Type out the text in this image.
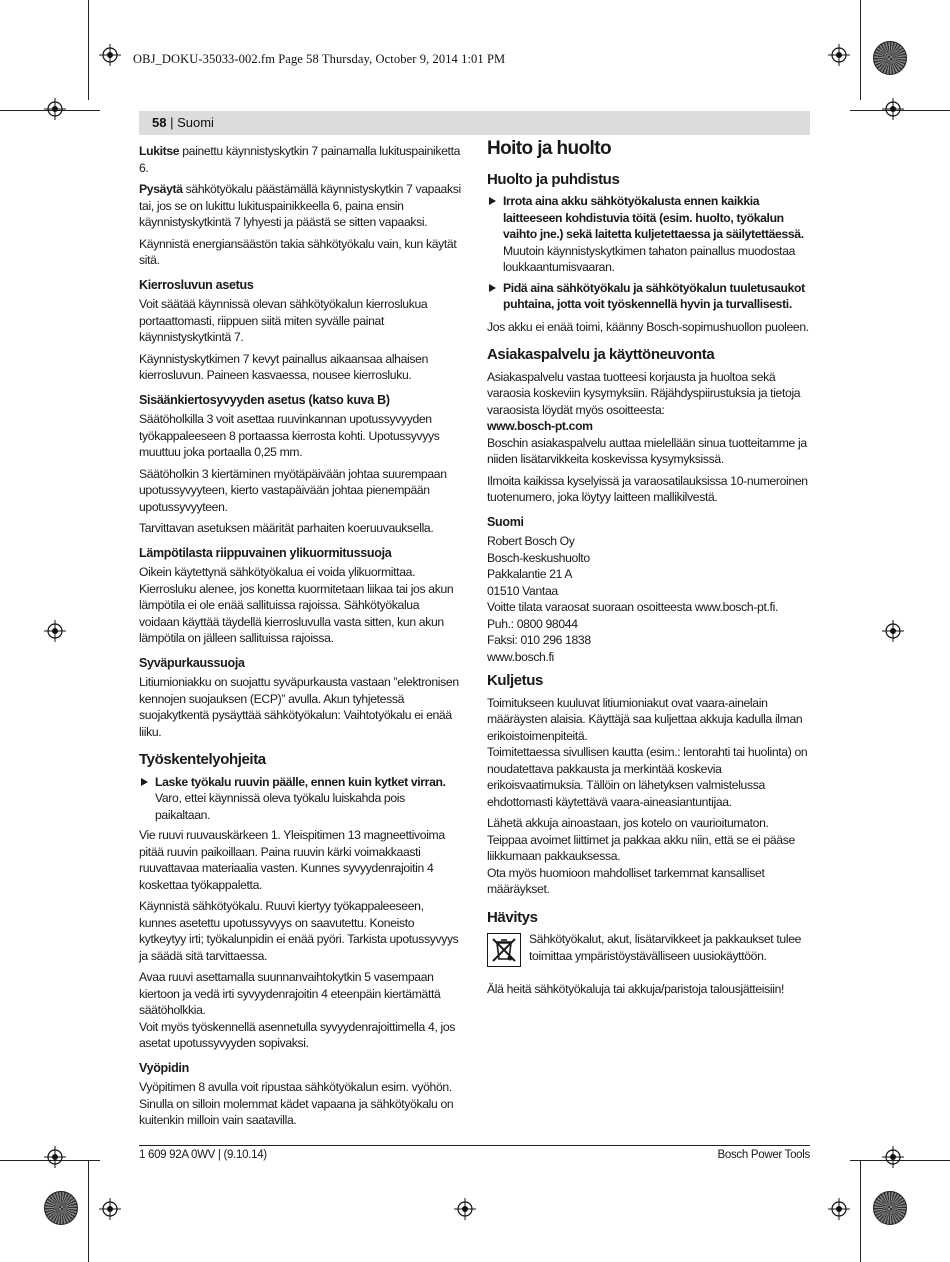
OBJ_DOKU-35033-002.fm Page 58 Thursday, October 9, 2014 1:01 PM
58 | Suomi

Lukitse painettu käynnistyskytkin 7 painamalla lukituspainiketta 6.

Pysäytä sähkötyökalu päästämällä käynnistyskytkin 7 vapaaksi tai, jos se on lukittu lukituspainikkeella 6, paina ensin käynnistyskytkintä 7 lyhyesti ja päästä se sitten vapaaksi.

Käynnistä energiansäästön takia sähkötyökalu vain, kun käytät sitä.

Kierrosluvun asetus

Voit säätää käynnissä olevan sähkötyökalun kierroslukua portaattomasti, riippuen siitä miten syvälle painat käynnistyskytkintä 7.

Käynnistyskytkimen 7 kevyt painallus aikaansaa alhaisen kierrosluvun. Paineen kasvaessa, nousee kierrosluku.

Sisäänkiertosyvyyden asetus (katso kuva B)

Säätöholkilla 3 voit asettaa ruuvinkannan upotussyvyyden työkappaleeseen 8 portaassa kierrosta kohti. Upotussyvyys muuttuu joka portaalla 0,25 mm.

Säätöholkin 3 kiertäminen myötäpäivään johtaa suurempaan upotussyvyyteen, kierto vastapäivään johtaa pienempään upotussyvyyteen.

Tarvittavan asetuksen määrität parhaiten koeruuvauksella.

Lämpötilasta riippuvainen ylikuormitussuoja

Oikein käytettynä sähkötyökalua ei voida ylikuormittaa. Kierrosluku alenee, jos konetta kuormitetaan liikaa tai jos akun lämpötila ei ole enää sallituissa rajoissa. Sähkötyökalua voidaan käyttää täydellä kierrosluvulla vasta sitten, kun akun lämpötila on jälleen sallituissa rajoissa.

Syväpurkaussuoja

Litiumioniakku on suojattu syväpurkausta vastaan ”elektronisen kennojen suojauksen (ECP)” avulla. Akun tyhjetessä suojakytkentä pysäyttää sähkötyökalun: Vaihtotyökalu ei enää liiku.

Työskentelyohjeita
Laske työkalu ruuvin päälle, ennen kuin kytket virran. Varo, ettei käynnissä oleva työkalu luiskahda pois paikaltaan.

Vie ruuvi ruuvauskärkeen 1. Yleispitimen 13 magneettivoima pitää ruuvin paikoillaan. Paina ruuvin kärki voimakkaasti ruuvattavaa materiaalia vasten. Kunnes syvyydenrajoitin 4 koskettaa työkappaletta.

Käynnistä sähkötyökalu. Ruuvi kiertyy työkappaleeseen, kunnes asetettu upotussyvyys on saavutettu. Koneisto kytkeytyy irti; työkalunpidin ei enää pyöri. Tarkista upotussyvyys ja säädä sitä tarvittaessa.

Avaa ruuvi asettamalla suunnanvaihtokytkin 5 vasempaan kiertoon ja vedä irti syvyydenrajoitin 4 eteenpäin kiertämättä säätöholkkia.

Voit myös työskennellä asennetulla syvyydenrajoittimella 4, jos asetat upotussyvyyden sopivaksi.

Vyöpidin

Vyöpitimen 8 avulla voit ripustaa sähkötyökalun esim. vyöhön. Sinulla on silloin molemmat kädet vapaana ja sähkötyökalu on kuitenkin milloin vain saatavilla.

Hoito ja huolto
Huolto ja puhdistus
Irrota aina akku sähkötyökalusta ennen kaikkia laitteeseen kohdistuvia töitä (esim. huolto, työkalun vaihto jne.) sekä laitetta kuljetettaessa ja säilytettäessä. Muutoin käynnistyskytkimen tahaton painallus muodostaa loukkaantumisvaaran.
Pidä aina sähkötyökalu ja sähkötyökalun tuuletusaukot puhtaina, jotta voit työskennellä hyvin ja turvallisesti.

Jos akku ei enää toimi, käänny Bosch-sopimushuollon puoleen.

Asiakaspalvelu ja käyttöneuvonta

Asiakaspalvelu vastaa tuotteesi korjausta ja huoltoa sekä varaosia koskeviin kysymyksiin. Räjähdyspiirustuksia ja tietoja varaosista löydät myös osoitteesta:

www.bosch-pt.com

Boschin asiakaspalvelu auttaa mielellään sinua tuotteitamme ja niiden lisätarvikkeita koskevissa kysymyksissä.

Ilmoita kaikissa kyselyissä ja varaosatilauksissa 10-numeroinen tuotenumero, joka löytyy laitteen mallikilvestä.

Suomi

Robert Bosch Oy

Bosch-keskushuolto

Pakkalantie 21 A

01510 Vantaa

Voitte tilata varaosat suoraan osoitteesta www.bosch-pt.fi.

Puh.: 0800 98044

Faksi: 010 296 1838

www.bosch.fi

Kuljetus

Toimitukseen kuuluvat litiumioniakut ovat vaara-ainelain määräysten alaisia. Käyttäjä saa kuljettaa akkuja kadulla ilman erikoistoimenpiteitä.

Toimitettaessa sivullisen kautta (esim.: lentorahti tai huolinta) on noudatettava pakkausta ja merkintää koskevia erikoisvaatimuksia. Tällöin on lähetyksen valmistelussa ehdottomasti käytettävä vaara-aineasiantuntijaa.

Lähetä akkuja ainoastaan, jos kotelo on vaurioitumaton. Teippaa avoimet liittimet ja pakkaa akku niin, että se ei pääse liikkumaan pakkauksessa.

Ota myös huomioon mahdolliset tarkemmat kansalliset määräykset.

Hävitys
Sähkötyökalut, akut, lisätarvikkeet ja pakkaukset tulee toimittaa ympäristöystävälliseen uusiokäyttöön.

Älä heitä sähkötyökaluja tai akkuja/paristoja talousjätteisiin!

1 609 92A 0WV | (9.10.14)	Bosch Power Tools
